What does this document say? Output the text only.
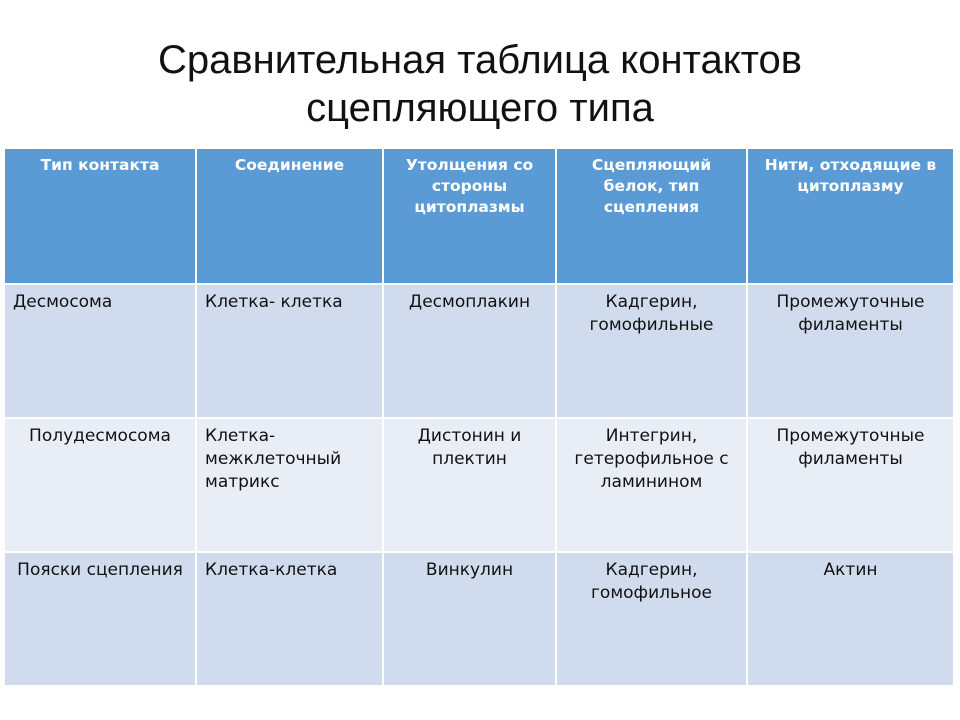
Сравнительная таблица контактов
сцепляющего типа
Тип контакта	Соединение	Утолщения со стороны цитоплазмы	Сцепляющий белок, тип сцепления	Нити, отходящие в цитоплазму
Десмосома	Клетка- клетка	Десмоплакин	Кадгерин, гомофильные	Промежуточные филаменты
Полудесмосома	Клетка-межклеточный матрикс	Дистонин и плектин	Интегрин, гетерофильное с ламинином	Промежуточные филаменты
Пояски сцепления	Клетка-клетка	Винкулин	Кадгерин, гомофильное	Актин
